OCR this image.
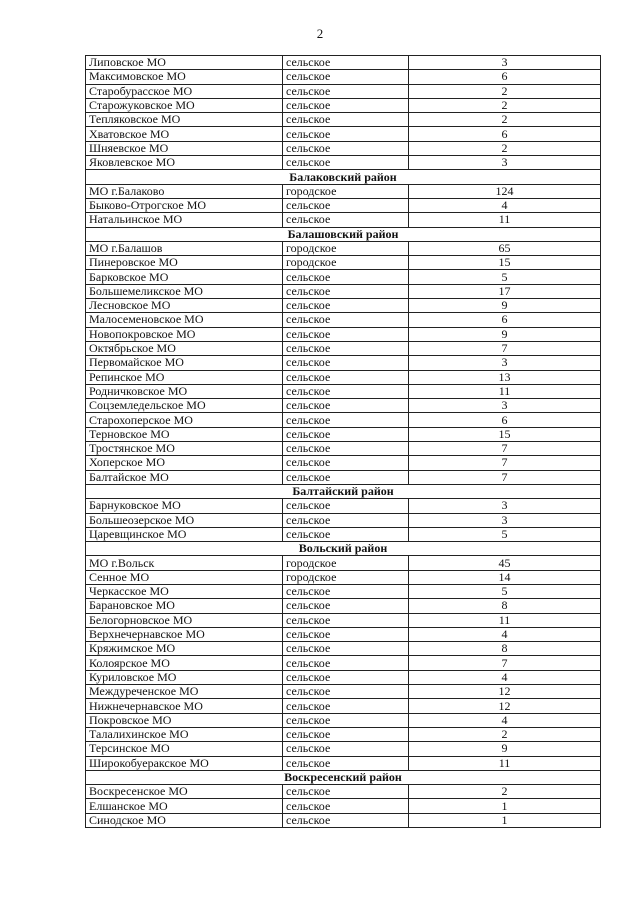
2
Липовское МО	сельское	3
Максимовское МО	сельское	6
Старобурасское МО	сельское	2
Старожуковское МО	сельское	2
Тепляковское МО	сельское	2
Хватовское МО	сельское	6
Шняевское МО	сельское	2
Яковлевское МО	сельское	3
Балаковский район		
МО г.Балаково	городское	124
Быково-Отрогское МО	сельское	4
Натальинское МО	сельское	11
Балашовский район		
МО г.Балашов	городское	65
Пинеровское МО	городское	15
Барковское МО	сельское	5
Большемеликское МО	сельское	17
Лесновское МО	сельское	9
Малосеменовское МО	сельское	6
Новопокровское МО	сельское	9
Октябрьское МО	сельское	7
Первомайское МО	сельское	3
Репинское МО	сельское	13
Родничковское МО	сельское	11
Соцземледельское МО	сельское	3
Старохоперское МО	сельское	6
Терновское МО	сельское	15
Тростянское МО	сельское	7
Хоперское МО	сельское	7
Балтайское МО	сельское	7
Балтайский район		
Барнуковское МО	сельское	3
Большеозерское МО	сельское	3
Царевщинское МО	сельское	5
Вольский район		
МО г.Вольск	городское	45
Сенное МО	городское	14
Черкасское МО	сельское	5
Барановское МО	сельское	8
Белогорновское МО	сельское	11
Верхнечернавское МО	сельское	4
Кряжимское МО	сельское	8
Колоярское МО	сельское	7
Куриловское МО	сельское	4
Междуреченское МО	сельское	12
Нижнечернавское МО	сельское	12
Покровское МО	сельское	4
Талалихинское МО	сельское	2
Терсинское МО	сельское	9
Широкобуеракское МО	сельское	11
Воскресенский район		
Воскресенское МО	сельское	2
Елшанское МО	сельское	1
Синодское МО	сельское	1
